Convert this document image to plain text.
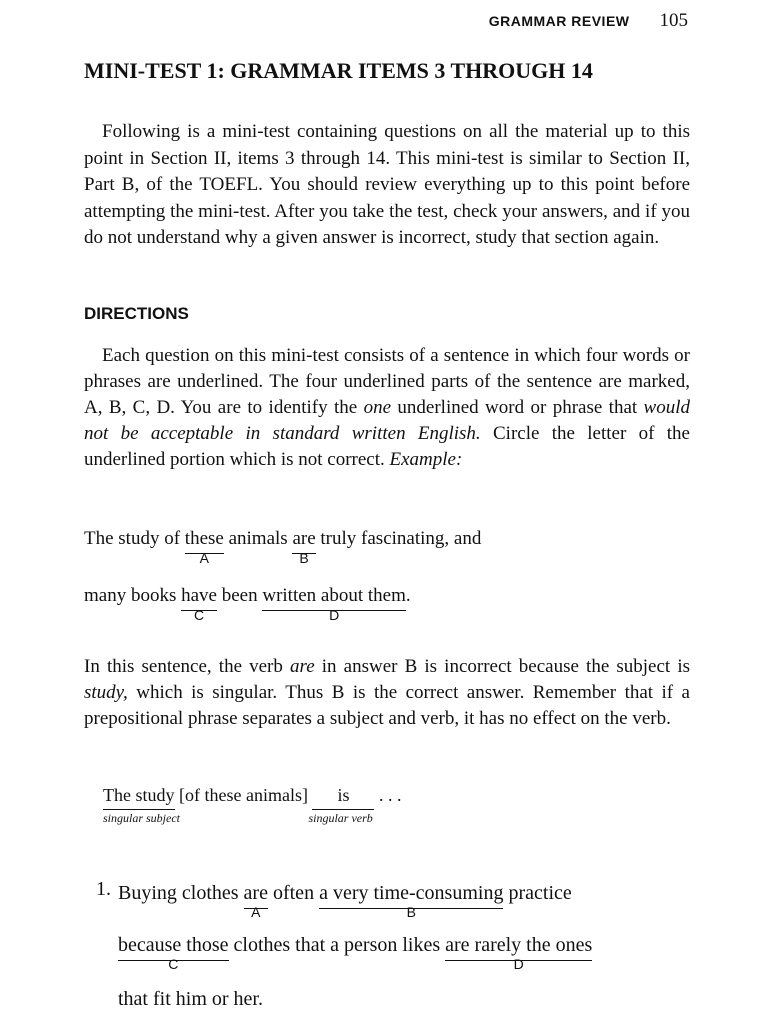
GRAMMAR REVIEW 105
MINI-TEST 1: GRAMMAR ITEMS 3 THROUGH 14

Following is a mini-test containing questions on all the material up to this point in Section II, items 3 through 14. This mini-test is similar to Section II, Part B, of the TOEFL. You should review everything up to this point before attempting the mini-test. After you take the test, check your answers, and if you do not understand why a given answer is incorrect, study that section again.

DIRECTIONS

Each question on this mini-test consists of a sentence in which four words or phrases are underlined. The four underlined parts of the sentence are marked, A, B, C, D. You are to identify the one underlined word or phrase that would not be acceptable in standard written English. Circle the letter of the underlined portion which is not correct. Example:

The study of these
A
animals are
B
truly fascinating, and
many books have
C
been written about them
D
.

In this sentence, the verb are in answer B is incorrect because the subject is study, which is singular. Thus B is the correct answer. Remember that if a prepositional phrase separates a subject and verb, it has no effect on the verb.

The study
singular subject
[of these animals] is
singular verb
. . .
1. Buying clothes are
A
often a very time-consuming
B
practice
because those
C
clothes that a person likes are rarely the ones
D
that fit him or her.
